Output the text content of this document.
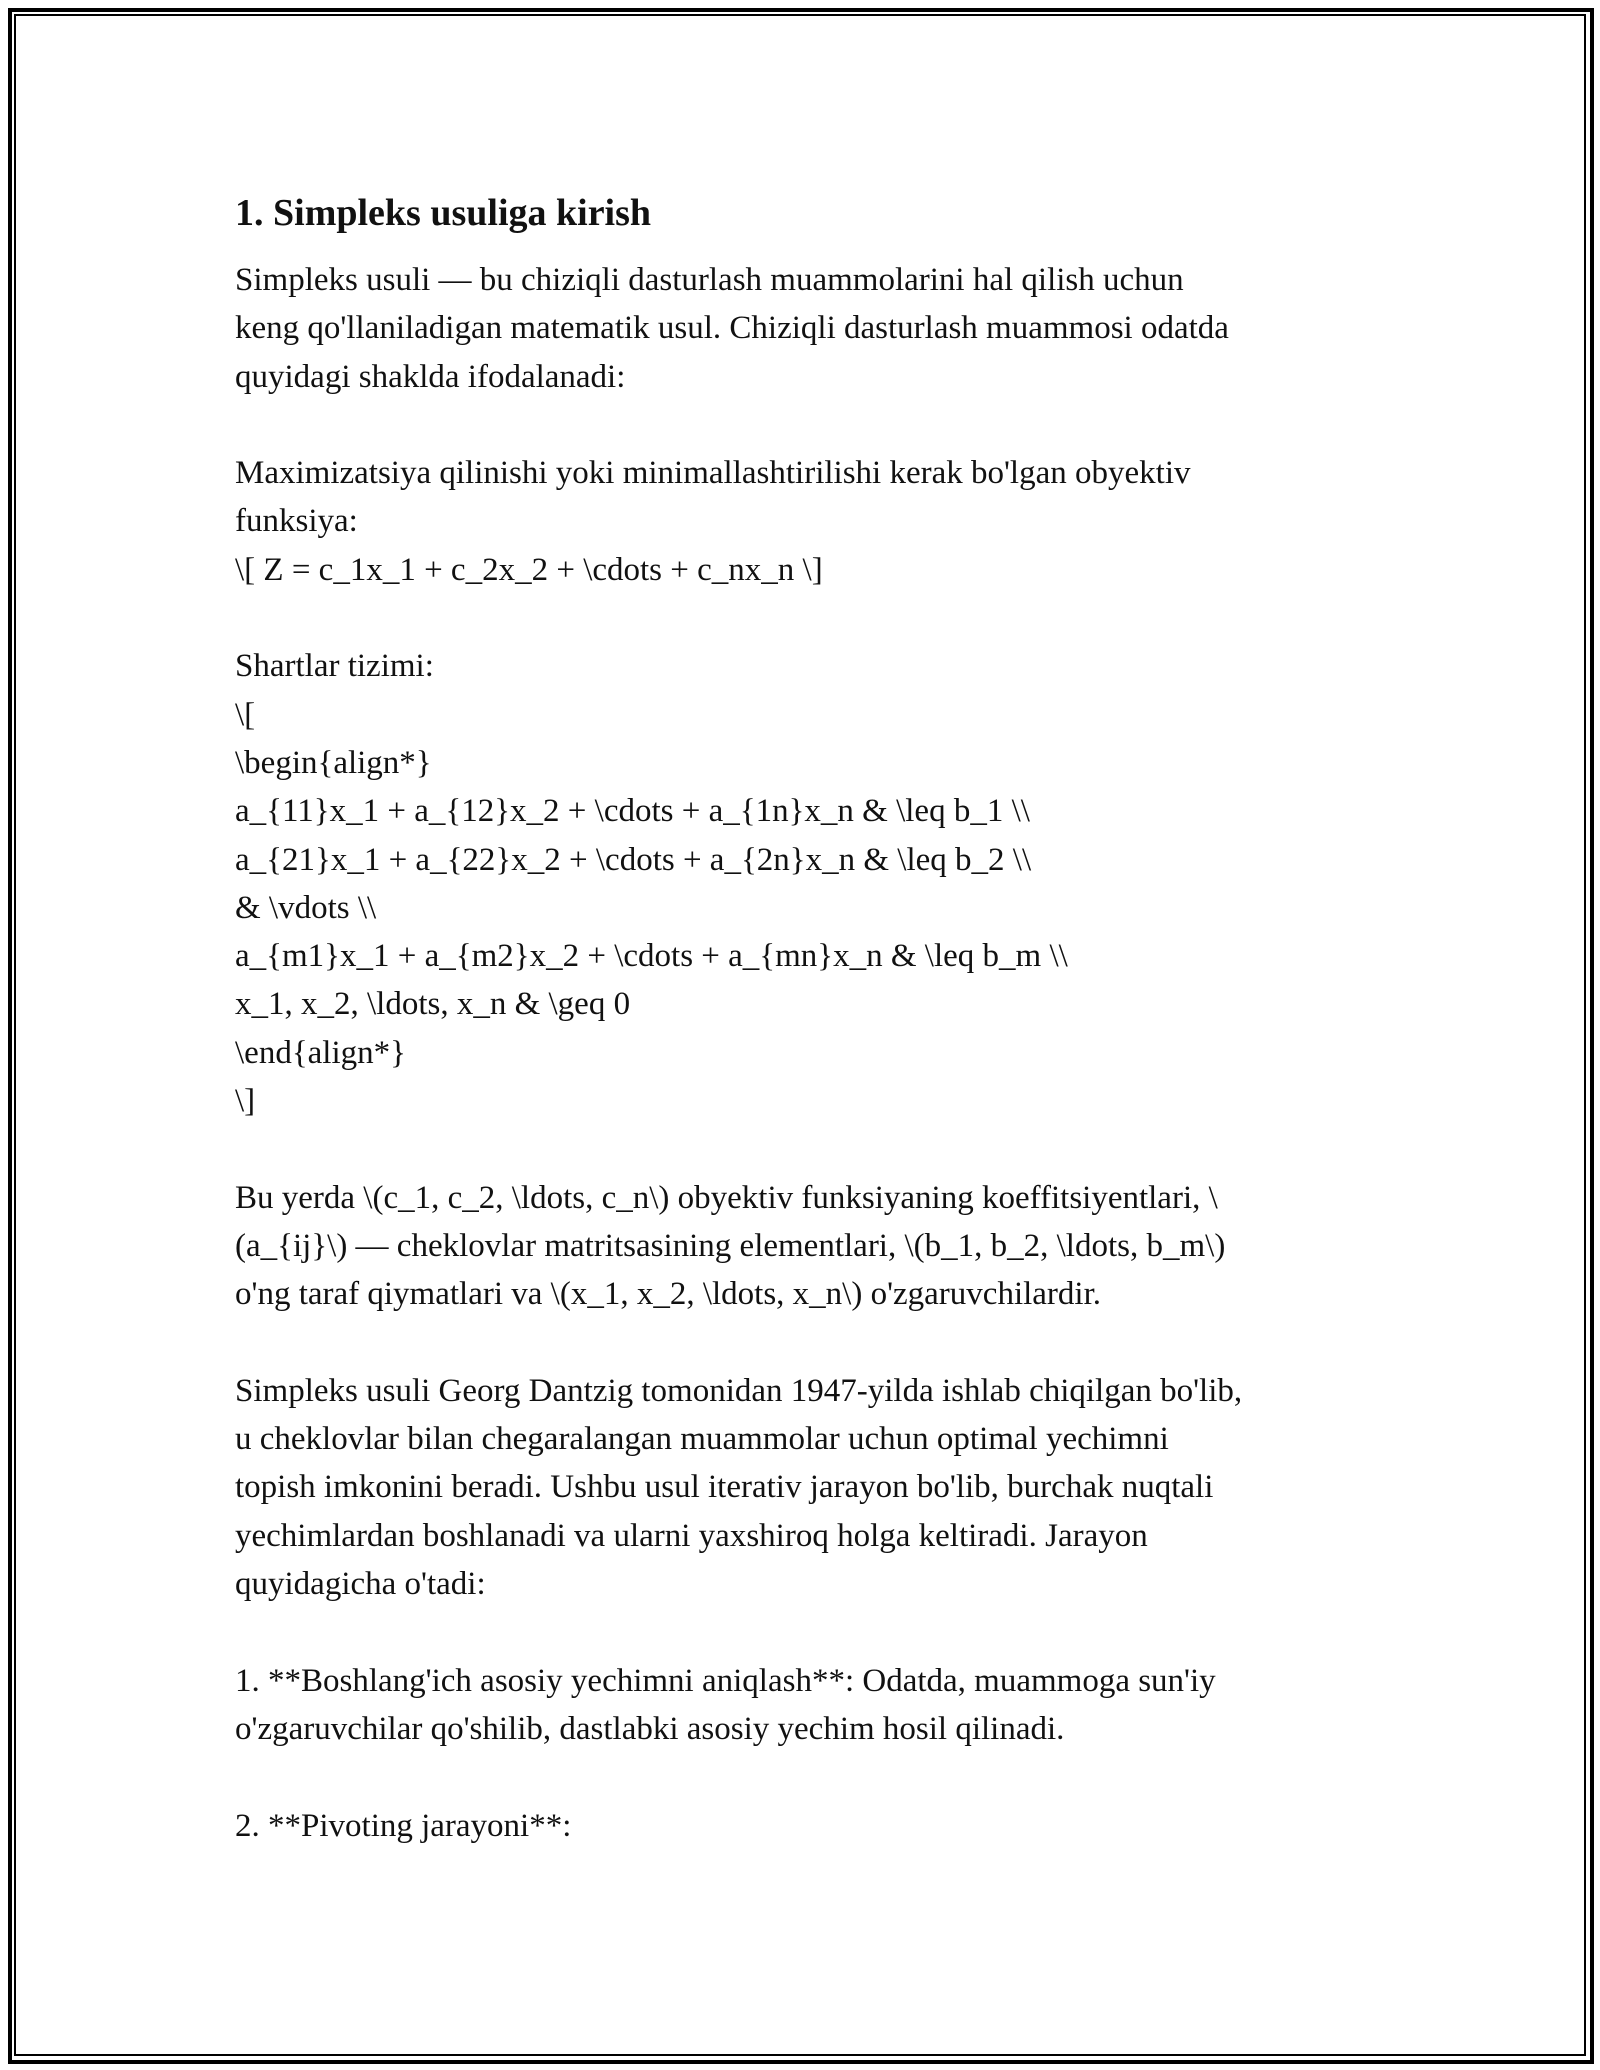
1. Simpleks usuliga kirish

Simpleks usuli — bu chiziqli dasturlash muammolarini hal qilish uchun
keng qo'llaniladigan matematik usul. Chiziqli dasturlash muammosi odatda
quyidagi shaklda ifodalanadi:

Maximizatsiya qilinishi yoki minimallashtirilishi kerak bo'lgan obyektiv
funksiya:
\[ Z = c_1x_1 + c_2x_2 + \cdots + c_nx_n \]

Shartlar tizimi:
\[
\begin{align*}
a_{11}x_1 + a_{12}x_2 + \cdots + a_{1n}x_n & \leq b_1 \\
a_{21}x_1 + a_{22}x_2 + \cdots + a_{2n}x_n & \leq b_2 \\
& \vdots \\
a_{m1}x_1 + a_{m2}x_2 + \cdots + a_{mn}x_n & \leq b_m \\
x_1, x_2, \ldots, x_n & \geq 0
\end{align*}
\]

Bu yerda \(c_1, c_2, \ldots, c_n\) obyektiv funksiyaning koeffitsiyentlari, \
(a_{ij}\) — cheklovlar matritsasining elementlari, \(b_1, b_2, \ldots, b_m\)
o'ng taraf qiymatlari va \(x_1, x_2, \ldots, x_n\) o'zgaruvchilardir.

Simpleks usuli Georg Dantzig tomonidan 1947-yilda ishlab chiqilgan bo'lib,
u cheklovlar bilan chegaralangan muammolar uchun optimal yechimni
topish imkonini beradi. Ushbu usul iterativ jarayon bo'lib, burchak nuqtali
yechimlardan boshlanadi va ularni yaxshiroq holga keltiradi. Jarayon
quyidagicha o'tadi:

1. **Boshlang'ich asosiy yechimni aniqlash**: Odatda, muammoga sun'iy
o'zgaruvchilar qo'shilib, dastlabki asosiy yechim hosil qilinadi.

2. **Pivoting jarayoni**:
